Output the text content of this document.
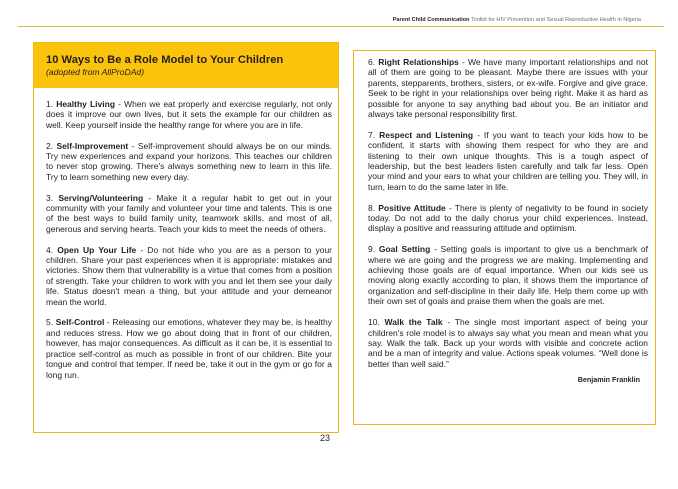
Parent Child Communication Toolkit for HIV Prevention and Sexual Reproductive Health in Nigeria
10 Ways to Be a Role Model to Your Children
(adopted from AllProDAd)

1. Healthy Living - When we eat properly and exercise regularly, not only does it improve our own lives, but it sets the example for our children as well. Keep yourself inside the healthy range for where you are in life.

2. Self-Improvement - Self-improvement should always be on our minds. Try new experiences and expand your horizons. This teaches our children to never stop growing. There's always something new to learn in this life. Try to learn something new every day.

3. Serving/Volunteering - Make it a regular habit to get out in your community with your family and volunteer your time and talents. This is one of the best ways to build family unity, teamwork skills, and most of all, generous and serving hearts. Teach your kids to meet the needs of others.

4. Open Up Your Life - Do not hide who you are as a person to your children. Share your past experiences when it is appropriate: mistakes and victories. Show them that vulnerability is a virtue that comes from a position of strength. Take your children to work with you and let them see your daily life. Status doesn't mean a thing, but your attitude and your demeanor mean the world.

5. Self-Control - Releasing our emotions, whatever they may be, is healthy and reduces stress. How we go about doing that in front of our children, however, has major consequences. As difficult as it can be, it is essential to practice self-control as much as possible in front of our children. Bite your tongue and control that temper. If need be, take it out in the gym or go for a long run.

6. Right Relationships - We have many important relationships and not all of them are going to be pleasant. Maybe there are issues with your parents, stepparents, brothers, sisters, or ex-wife. Forgive and give grace. Seek to be right in your relationships over being right. Make it as hard as possible for anyone to say anything bad about you. Be an initiator and always take personal responsibility first.

7. Respect and Listening - If you want to teach your kids how to be confident, it starts with showing them respect for who they are and listening to their own unique thoughts. This is a tough aspect of leadership, but the best leaders listen carefully and talk far less. Open your mind and your ears to what your children are telling you. They will, in turn, learn to do the same later in life.

8. Positive Attitude - There is plenty of negativity to be found in society today. Do not add to the daily chorus your child experiences. Instead, display a positive and reassuring attitude and optimism.

9. Goal Setting - Setting goals is important to give us a benchmark of where we are going and the progress we are making. Implementing and achieving those goals are of equal importance. When our kids see us moving along exactly according to plan, it shows them the importance of organization and self-discipline in their daily life. Help them come up with their own set of goals and praise them when the goals are met.

10. Walk the Talk - The single most important aspect of being your children's role model is to always say what you mean and mean what you say. Walk the talk. Back up your words with visible and concrete action and be a man of integrity and value. Actions speak volumes. “Well done is better than well said.”

Benjamin Franklin

23
